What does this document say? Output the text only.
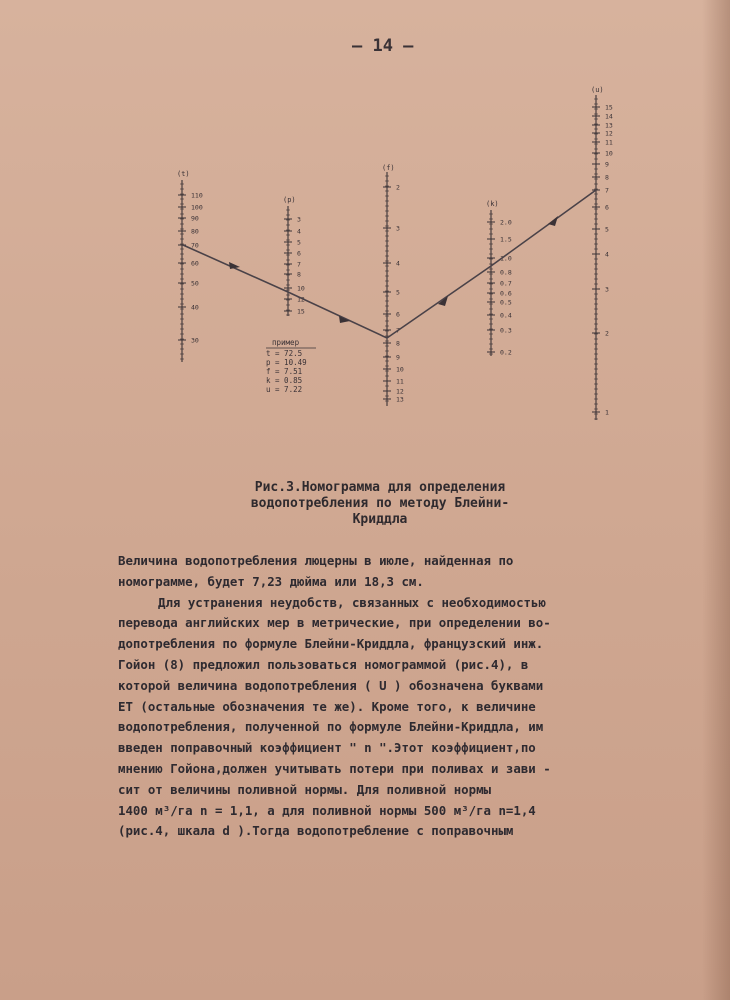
— 14 —
(t)
110
100
90
80
70
60
50
40
30
(p)
3
4
5
6
7
8
10
12
15
(f)
2
3
4
5
6
7
8
9
10
11
12
13
(k)
2.0
1.5
1.0
0.8
0.7
0.6
0.5
0.4
0.3
0.2
(u)
15
14
13
12
11
10
9
8
7
6
5
4
3
2
1
пример
t = 72.5
p = 10.49
f = 7.51
k = 0.85
u = 7.22
Рис.3.Номограмма для определения
водопотребления по методу Блейни-
Криддла
Величина водопотребления люцерны в июле, найденная по
номограмме, будет 7,23 дюйма или 18,3 см.
Для устранения неудобств, связанных с необходимостью
перевода английских мер в метрические, при определении во-
допотребления по формуле Блейни-Криддла, французский инж.
Гойон (8) предложил пользоваться номограммой (рис.4), в
которой величина водопотребления ( U ) обозначена буквами
ЕТ (остальные обозначения те же). Кроме того, к величине
водопотребления, полученной по формуле Блейни-Криддла, им
введен поправочный коэффициент " n ".Этот коэффициент,по
мнению Гойона,должен учитывать потери при поливах и зави -
сит от величины поливной нормы. Для поливной нормы
1400 м³/га n = 1,1, а для поливной нормы 500 м³/га n=1,4
(рис.4, шкала d ).Тогда водопотребление с поправочным
